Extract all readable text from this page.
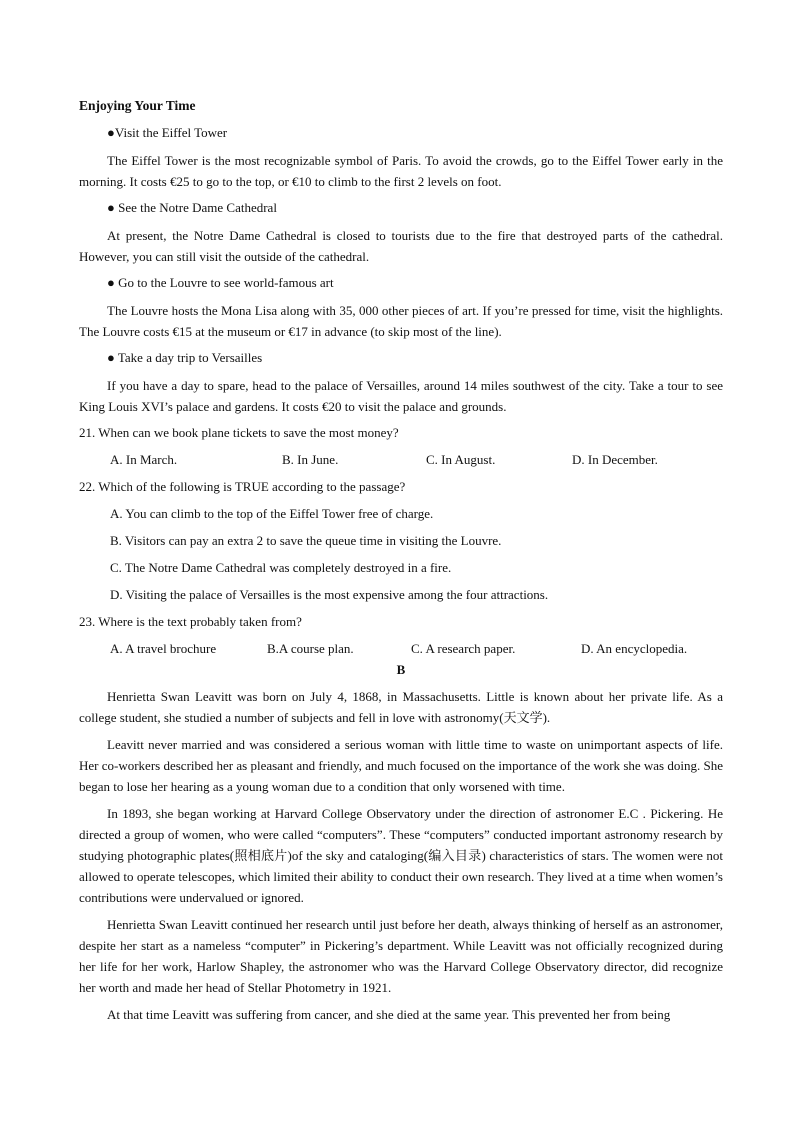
Enjoying Your Time
●Visit the Eiffel Tower
The Eiffel Tower is the most recognizable symbol of Paris. To avoid the crowds, go to the Eiffel Tower early in the morning. It costs €25 to go to the top, or €10 to climb to the first 2 levels on foot.
● See the Notre Dame Cathedral
At present, the Notre Dame Cathedral is closed to tourists due to the fire that destroyed parts of the cathedral. However, you can still visit the outside of the cathedral.
● Go to the Louvre to see world-famous art
The Louvre hosts the Mona Lisa along with 35, 000 other pieces of art. If you’re pressed for time, visit the highlights. The Louvre costs €15 at the museum or €17 in advance (to skip most of the line).
● Take a day trip to Versailles
If you have a day to spare, head to the palace of Versailles, around 14 miles southwest of the city. Take a tour to see King Louis XVI’s palace and gardens. It costs €20 to visit the palace and grounds.
21. When can we book plane tickets to save the most money?
A. In March.	B. In June.	C. In August.	D. In December.
22. Which of the following is TRUE according to the passage?
A. You can climb to the top of the Eiffel Tower free of charge.
B. Visitors can pay an extra 2 to save the queue time in visiting the Louvre.
C. The Notre Dame Cathedral was completely destroyed in a fire.
D. Visiting the palace of Versailles is the most expensive among the four attractions.
23. Where is the text probably taken from?
A. A travel brochure	B.A course plan.	C. A research paper.	D. An encyclopedia.
B
Henrietta Swan Leavitt was born on July 4, 1868, in Massachusetts. Little is known about her private life. As a college student, she studied a number of subjects and fell in love with astronomy(天文学).
Leavitt never married and was considered a serious woman with little time to waste on unimportant aspects of life. Her co-workers described her as pleasant and friendly, and much focused on the importance of the work she was doing. She began to lose her hearing as a young woman due to a condition that only worsened with time.
In 1893, she began working at Harvard College Observatory under the direction of astronomer E.C . Pickering. He directed a group of women, who were called “computers”. These “computers” conducted important astronomy research by studying photographic plates(照相底片)of the sky and cataloging(编入目录) characteristics of stars. The women were not allowed to operate telescopes, which limited their ability to conduct their own research. They lived at a time when women’s contributions were undervalued or ignored.
Henrietta Swan Leavitt continued her research until just before her death, always thinking of herself as an astronomer, despite her start as a nameless “computer” in Pickering’s department. While Leavitt was not officially recognized during her life for her work, Harlow Shapley, the astronomer who was the Harvard College Observatory director, did recognize her worth and made her head of Stellar Photometry in 1921.
At that time Leavitt was suffering from cancer, and she died at the same year. This prevented her from being
